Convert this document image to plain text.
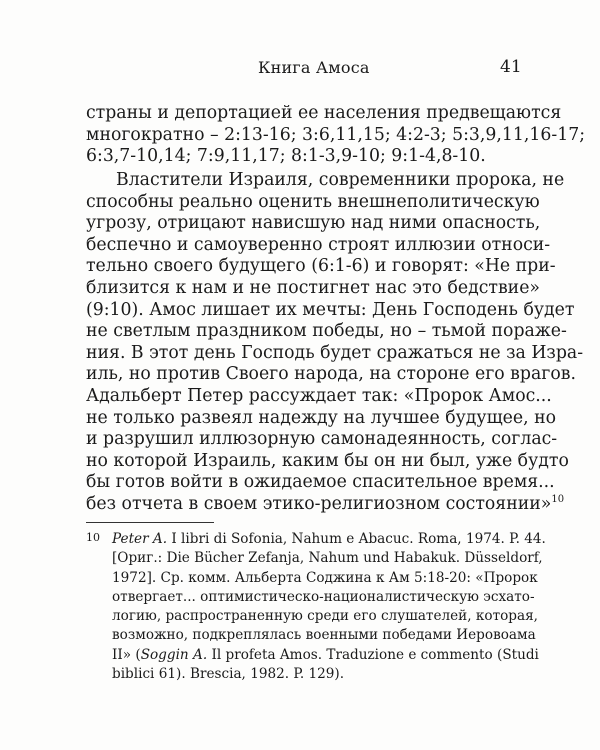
Книга Амоса	41
страны и депортацией ее населения предвещаются
многократно – 2:13-16; 3:6,11,15; 4:2-3; 5:3,9,11,16-17;
6:3,7-10,14; 7:9,11,17; 8:1-3,9-10; 9:1-4,8-10.
Властители Израиля, современники пророка, не
способны реально оценить внешнеполитическую
угрозу, отрицают нависшую над ними опасность,
беспечно и самоуверенно строят иллюзии относи-
тельно своего будущего (6:1-6) и говорят: «Не при-
близится к нам и не постигнет нас это бедствие»
(9:10). Амос лишает их мечты: День Господень будет
не светлым праздником победы, но – тьмой пораже-
ния. В этот день Господь будет сражаться не за Изра-
иль, но против Своего народа, на стороне его врагов.
Адальберт Петер рассуждает так: «Пророк Амос...
не только развеял надежду на лучшее будущее, но
и разрушил иллюзорную самонадеянность, соглас-
но которой Израиль, каким бы он ни был, уже будто
бы готов войти в ожидаемое спасительное время...
без отчета в своем этико-религиозном состоянии»$^{10}$
10 Peter A. I libri di Sofonia, Nahum e Abacuc. Roma, 1974. P. 44.
[Ориг.: Die Bücher Zefanja, Nahum und Habakuk. Düsseldorf,
1972]. Ср. комм. Альберта Соджина к Ам 5:18-20: «Пророк
отвергает... оптимистическо-националистическую эсхато-
логию, распространенную среди его слушателей, которая,
возможно, подкреплялась военными победами Иеровоама
II» (Soggin A. Il profeta Amos. Traduzione e commento (Studi
biblici 61). Brescia, 1982. P. 129).
